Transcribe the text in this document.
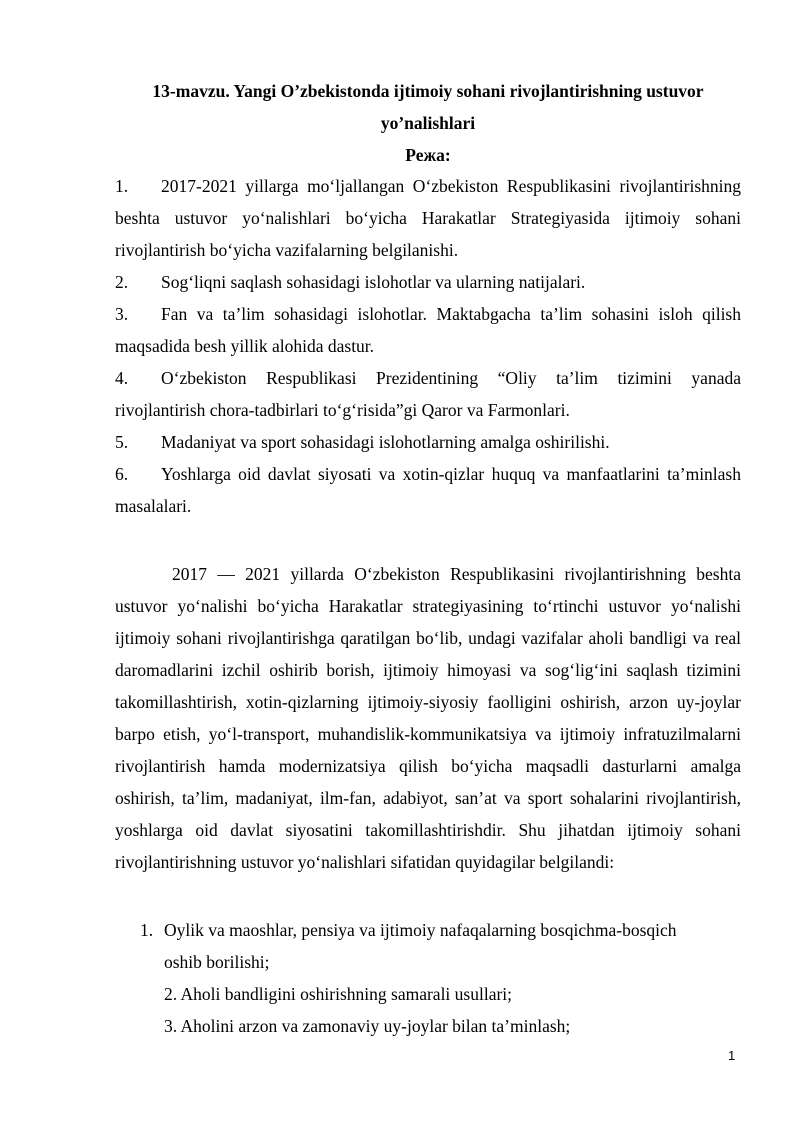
13-mavzu. Yangi O’zbekistonda ijtimoiy sohani rivojlantirishning ustuvor
yo’nalishlari
Режа:

1. 2017-2021 yillarga mo‘ljallangan O‘zbekiston Respublikasini rivojlantirishning beshta ustuvor yo‘nalishlari bo‘yicha Harakatlar Strategiyasida ijtimoiy sohani rivojlantirish bo‘yicha vazifalarning belgilanishi.

2. Sog‘liqni saqlash sohasidagi islohotlar va ularning natijalari.

3. Fan va ta’lim sohasidagi islohotlar. Maktabgacha ta’lim sohasini isloh qilish maqsadida besh yillik alohida dastur.

4. O‘zbekiston Respublikasi Prezidentining “Oliy ta’lim tizimini yanada rivojlantirish chora-tadbirlari to‘g‘risida”gi Qaror va Farmonlari.

5. Madaniyat va sport sohasidagi islohotlarning amalga oshirilishi.

6. Yoshlarga oid davlat siyosati va xotin-qizlar huquq va manfaatlarini ta’minlash masalalari.

2017 — 2021 yillarda O‘zbekiston Respublikasini rivojlantirishning beshta ustuvor yo‘nalishi bo‘yicha Harakatlar strategiyasining to‘rtinchi ustuvor yo‘nalishi ijtimoiy sohani rivojlantirishga qaratilgan bo‘lib, undagi vazifalar aholi bandligi va real daromadlarini izchil oshirib borish, ijtimoiy himoyasi va sog‘lig‘ini saqlash tizimini takomillashtirish, xotin-qizlarning ijtimoiy-siyosiy faolligini oshirish, arzon uy-joylar barpo etish, yo‘l-transport, muhandislik-kommunikatsiya va ijtimoiy infratuzilmalarni rivojlantirish hamda modernizatsiya qilish bo‘yicha maqsadli dasturlarni amalga oshirish, ta’lim, madaniyat, ilm-fan, adabiyot, san’at va sport sohalarini rivojlantirish, yoshlarga oid davlat siyosatini takomillashtirishdir. Shu jihatdan ijtimoiy sohani rivojlantirishning ustuvor yo‘nalishlari sifatidan quyidagilar belgilandi:
1. Oylik va maoshlar, pensiya va ijtimoiy nafaqalarning bosqichma-bosqich
oshib borilishi;
2. Aholi bandligini oshirishning samarali usullari;
3. Aholini arzon va zamonaviy uy-joylar bilan ta’minlash;
1
